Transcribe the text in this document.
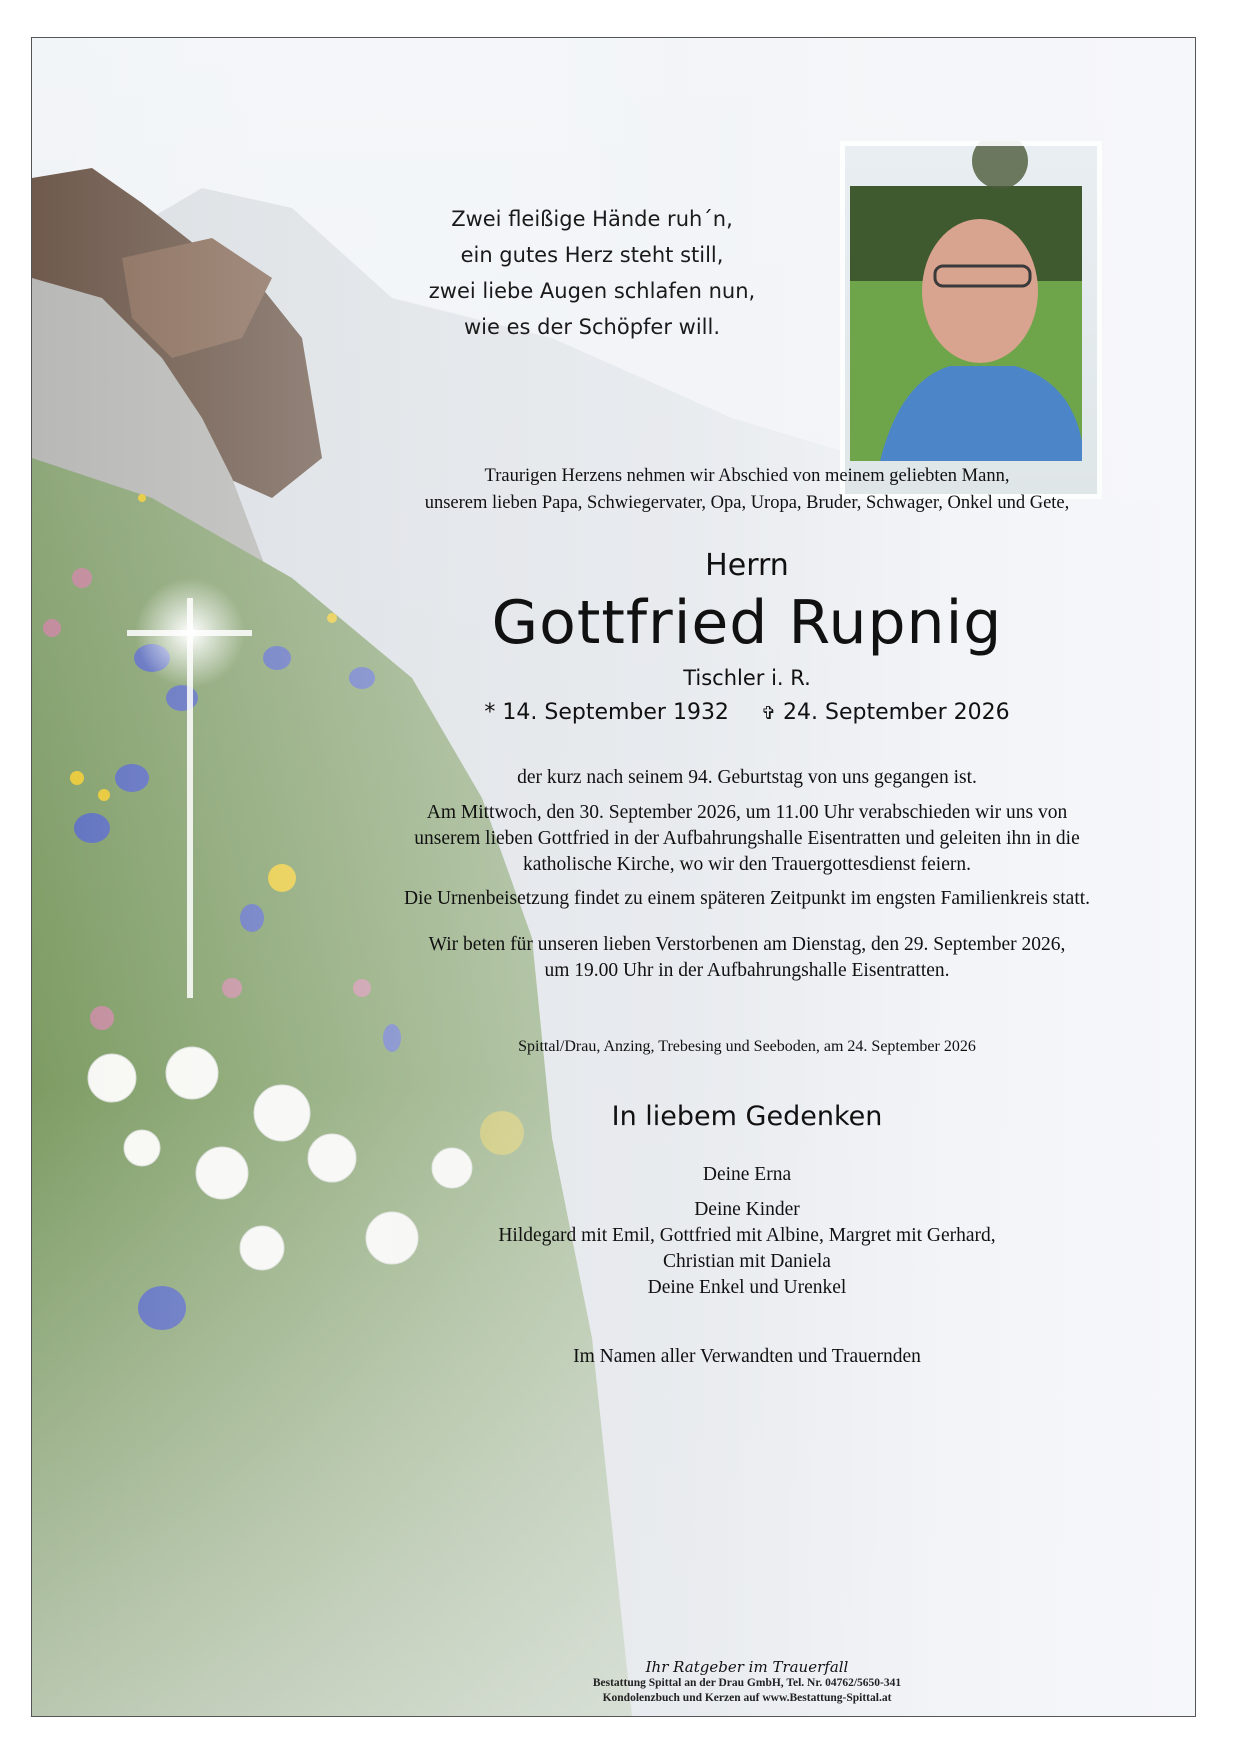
Zwei fleißige Hände ruh´n,
ein gutes Herz steht still,
zwei liebe Augen schlafen nun,
wie es der Schöpfer will.
Traurigen Herzens nehmen wir Abschied von meinem geliebten Mann,
unserem lieben Papa, Schwiegervater, Opa, Uropa, Bruder, Schwager, Onkel und Gete,
Herrn
Gottfried Rupnig
Tischler i. R.
* 14. September 1932 ✞ 24. September 2026
der kurz nach seinem 94. Geburtstag von uns gegangen ist.
Am Mittwoch, den 30. September 2026, um 11.00 Uhr verabschieden wir uns von
unserem lieben Gottfried in der Aufbahrungshalle Eisentratten und geleiten ihn in die
katholische Kirche, wo wir den Trauergottesdienst feiern.
Die Urnenbeisetzung findet zu einem späteren Zeitpunkt im engsten Familienkreis statt.
Wir beten für unseren lieben Verstorbenen am Dienstag, den 29. September 2026,
um 19.00 Uhr in der Aufbahrungshalle Eisentratten.
Spittal/Drau, Anzing, Trebesing und Seeboden, am 24. September 2026
In liebem Gedenken
Deine Erna
Deine Kinder
Hildegard mit Emil, Gottfried mit Albine, Margret mit Gerhard,
Christian mit Daniela
Deine Enkel und Urenkel
Im Namen aller Verwandten und Trauernden
Ihr Ratgeber im Trauerfall
Bestattung Spittal an der Drau GmbH, Tel. Nr. 04762/5650-341
Kondolenzbuch und Kerzen auf www.Bestattung-Spittal.at
